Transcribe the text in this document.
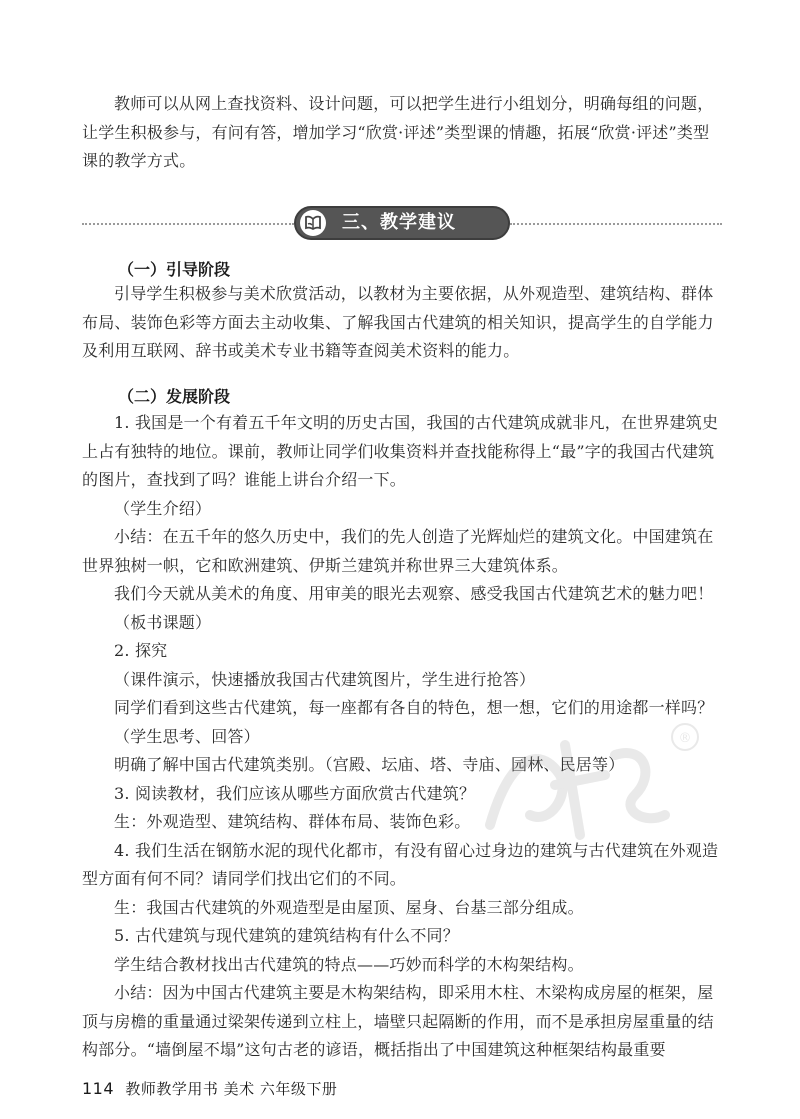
教师可以从网上查找资料、设计问题，可以把学生进行小组划分，明确每组的问题，让学生积极参与，有问有答，增加学习“欣赏·评述”类型课的情趣，拓展“欣赏·评述”类型课的教学方式。

三、教学建议
（一）引导阶段

引导学生积极参与美术欣赏活动，以教材为主要依据，从外观造型、建筑结构、群体布局、装饰色彩等方面去主动收集、了解我国古代建筑的相关知识，提高学生的自学能力及利用互联网、辞书或美术专业书籍等查阅美术资料的能力。

（二）发展阶段

1. 我国是一个有着五千年文明的历史古国，我国的古代建筑成就非凡，在世界建筑史上占有独特的地位。课前，教师让同学们收集资料并查找能称得上“最”字的我国古代建筑的图片，查找到了吗？谁能上讲台介绍一下。

（学生介绍）

小结：在五千年的悠久历史中，我们的先人创造了光辉灿烂的建筑文化。中国建筑在世界独树一帜，它和欧洲建筑、伊斯兰建筑并称世界三大建筑体系。

我们今天就从美术的角度、用审美的眼光去观察、感受我国古代建筑艺术的魅力吧！

（板书课题）

2. 探究

（课件演示，快速播放我国古代建筑图片，学生进行抢答）

同学们看到这些古代建筑，每一座都有各自的特色，想一想，它们的用途都一样吗？

（学生思考、回答）

明确了解中国古代建筑类别。（宫殿、坛庙、塔、寺庙、园林、民居等）

3. 阅读教材，我们应该从哪些方面欣赏古代建筑？

生：外观造型、建筑结构、群体布局、装饰色彩。

4. 我们生活在钢筋水泥的现代化都市，有没有留心过身边的建筑与古代建筑在外观造型方面有何不同？请同学们找出它们的不同。

生：我国古代建筑的外观造型是由屋顶、屋身、台基三部分组成。

5. 古代建筑与现代建筑的建筑结构有什么不同？

学生结合教材找出古代建筑的特点——巧妙而科学的木构架结构。

小结：因为中国古代建筑主要是木构架结构，即采用木柱、木梁构成房屋的框架，屋顶与房檐的重量通过梁架传递到立柱上，墙壁只起隔断的作用，而不是承担房屋重量的结构部分。“墙倒屋不塌”这句古老的谚语，概括指出了中国建筑这种框架结构最重要

®
114 教师教学用书 美术 六年级下册
